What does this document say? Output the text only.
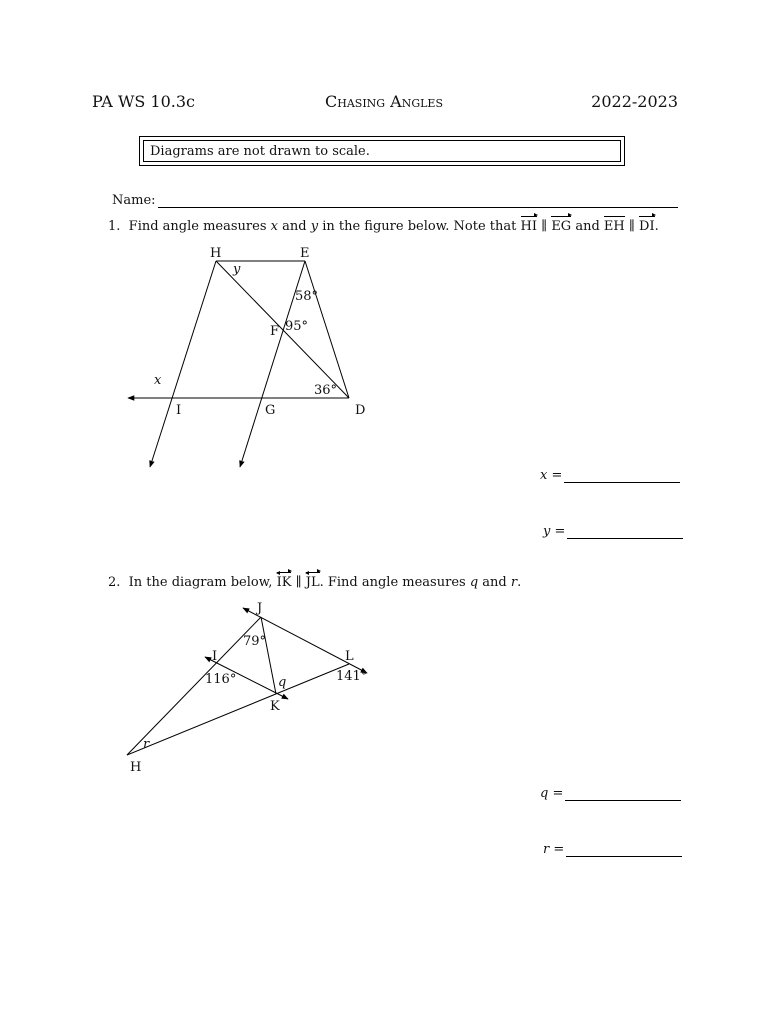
PA WS 10.3c	Chasing Angles	2022-2023
Diagrams are not drawn to scale.
Name:
1. Find angle measures x and y in the figure below. Note that HI ∥ EG and EH ∥ DI.
H	E
F
I	G	D
x
y
58°
95°
36°
x =
y =
2. In the diagram below, IK ∥ JL. Find angle measures q and r.
J
I	L
K
H
79°
116°	141°
q
r
q =
r =
